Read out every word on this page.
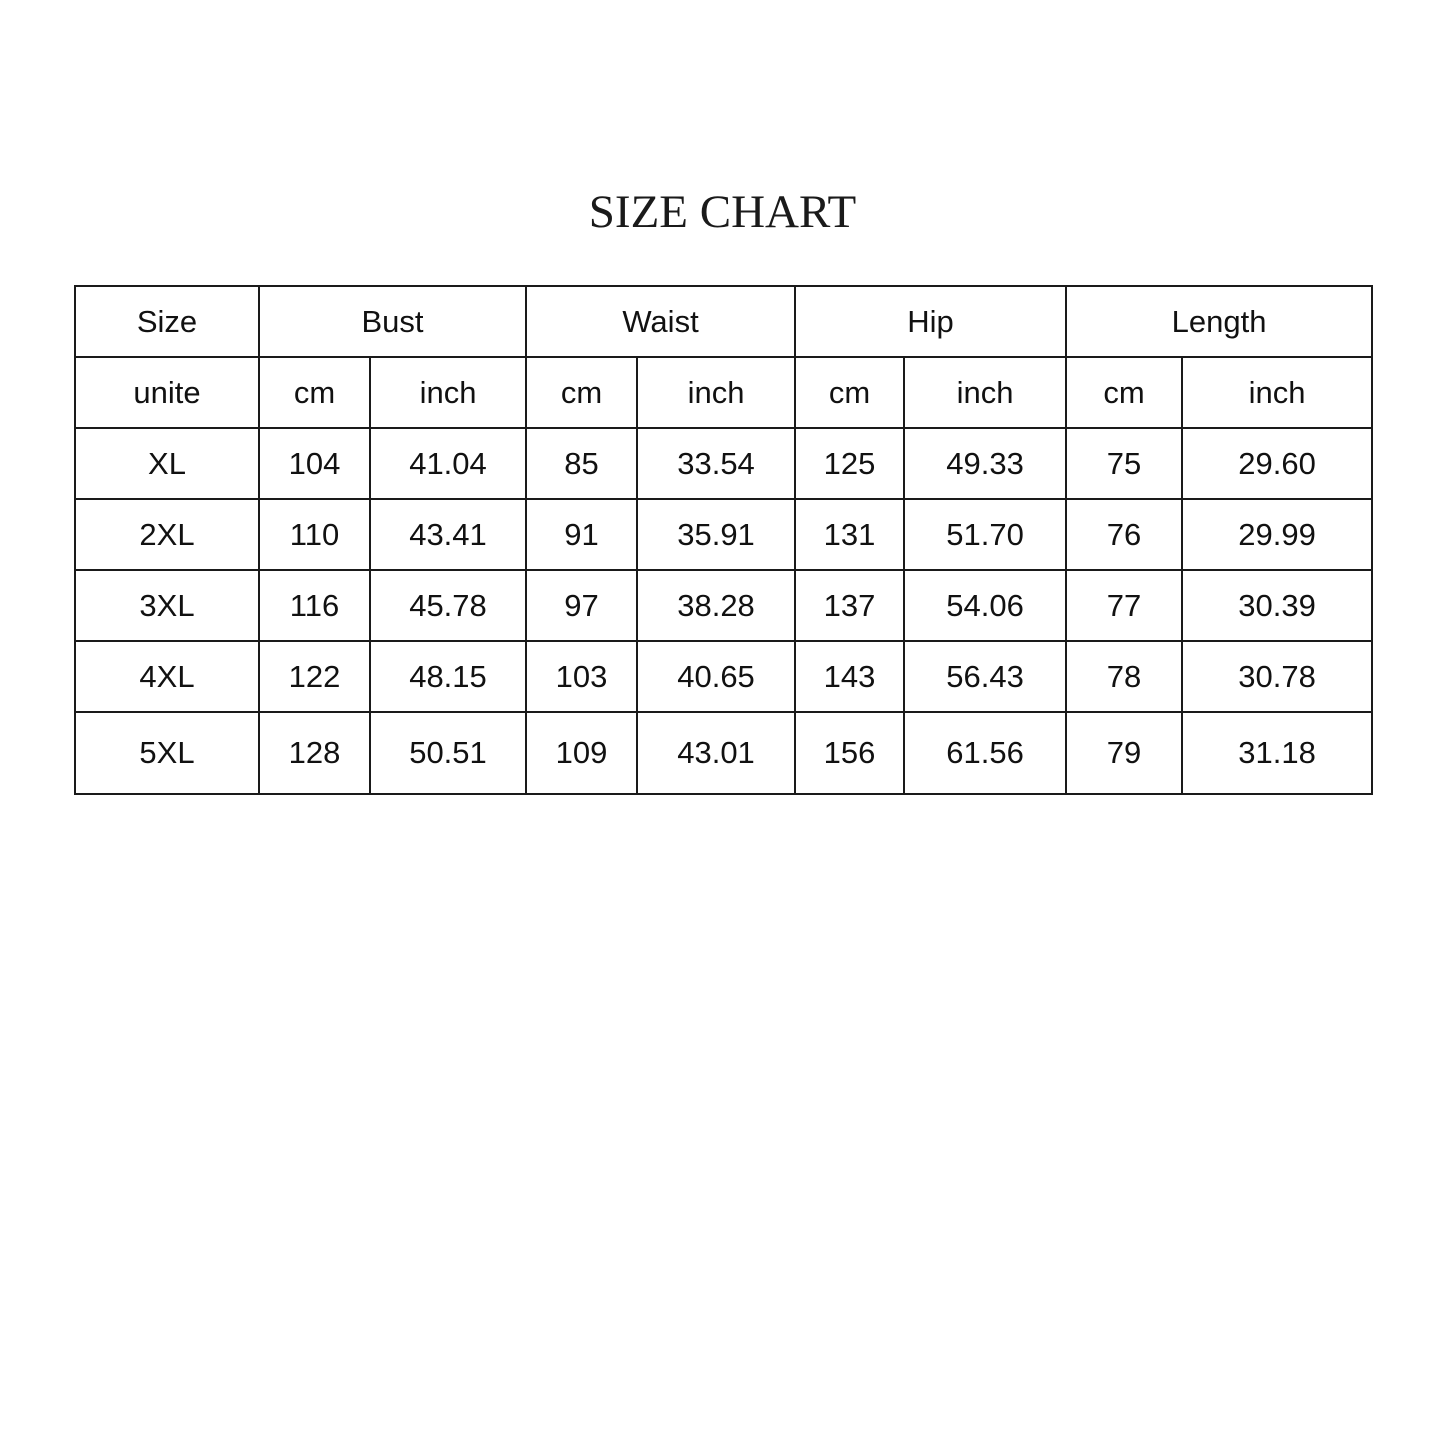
SIZE CHART
Size	Bust		Waist		Hip		Length	
unite	cm	inch	cm	inch	cm	inch	cm	inch
XL	104	41.04	85	33.54	125	49.33	75	29.60
2XL	110	43.41	91	35.91	131	51.70	76	29.99
3XL	116	45.78	97	38.28	137	54.06	77	30.39
4XL	122	48.15	103	40.65	143	56.43	78	30.78
5XL	128	50.51	109	43.01	156	61.56	79	31.18
